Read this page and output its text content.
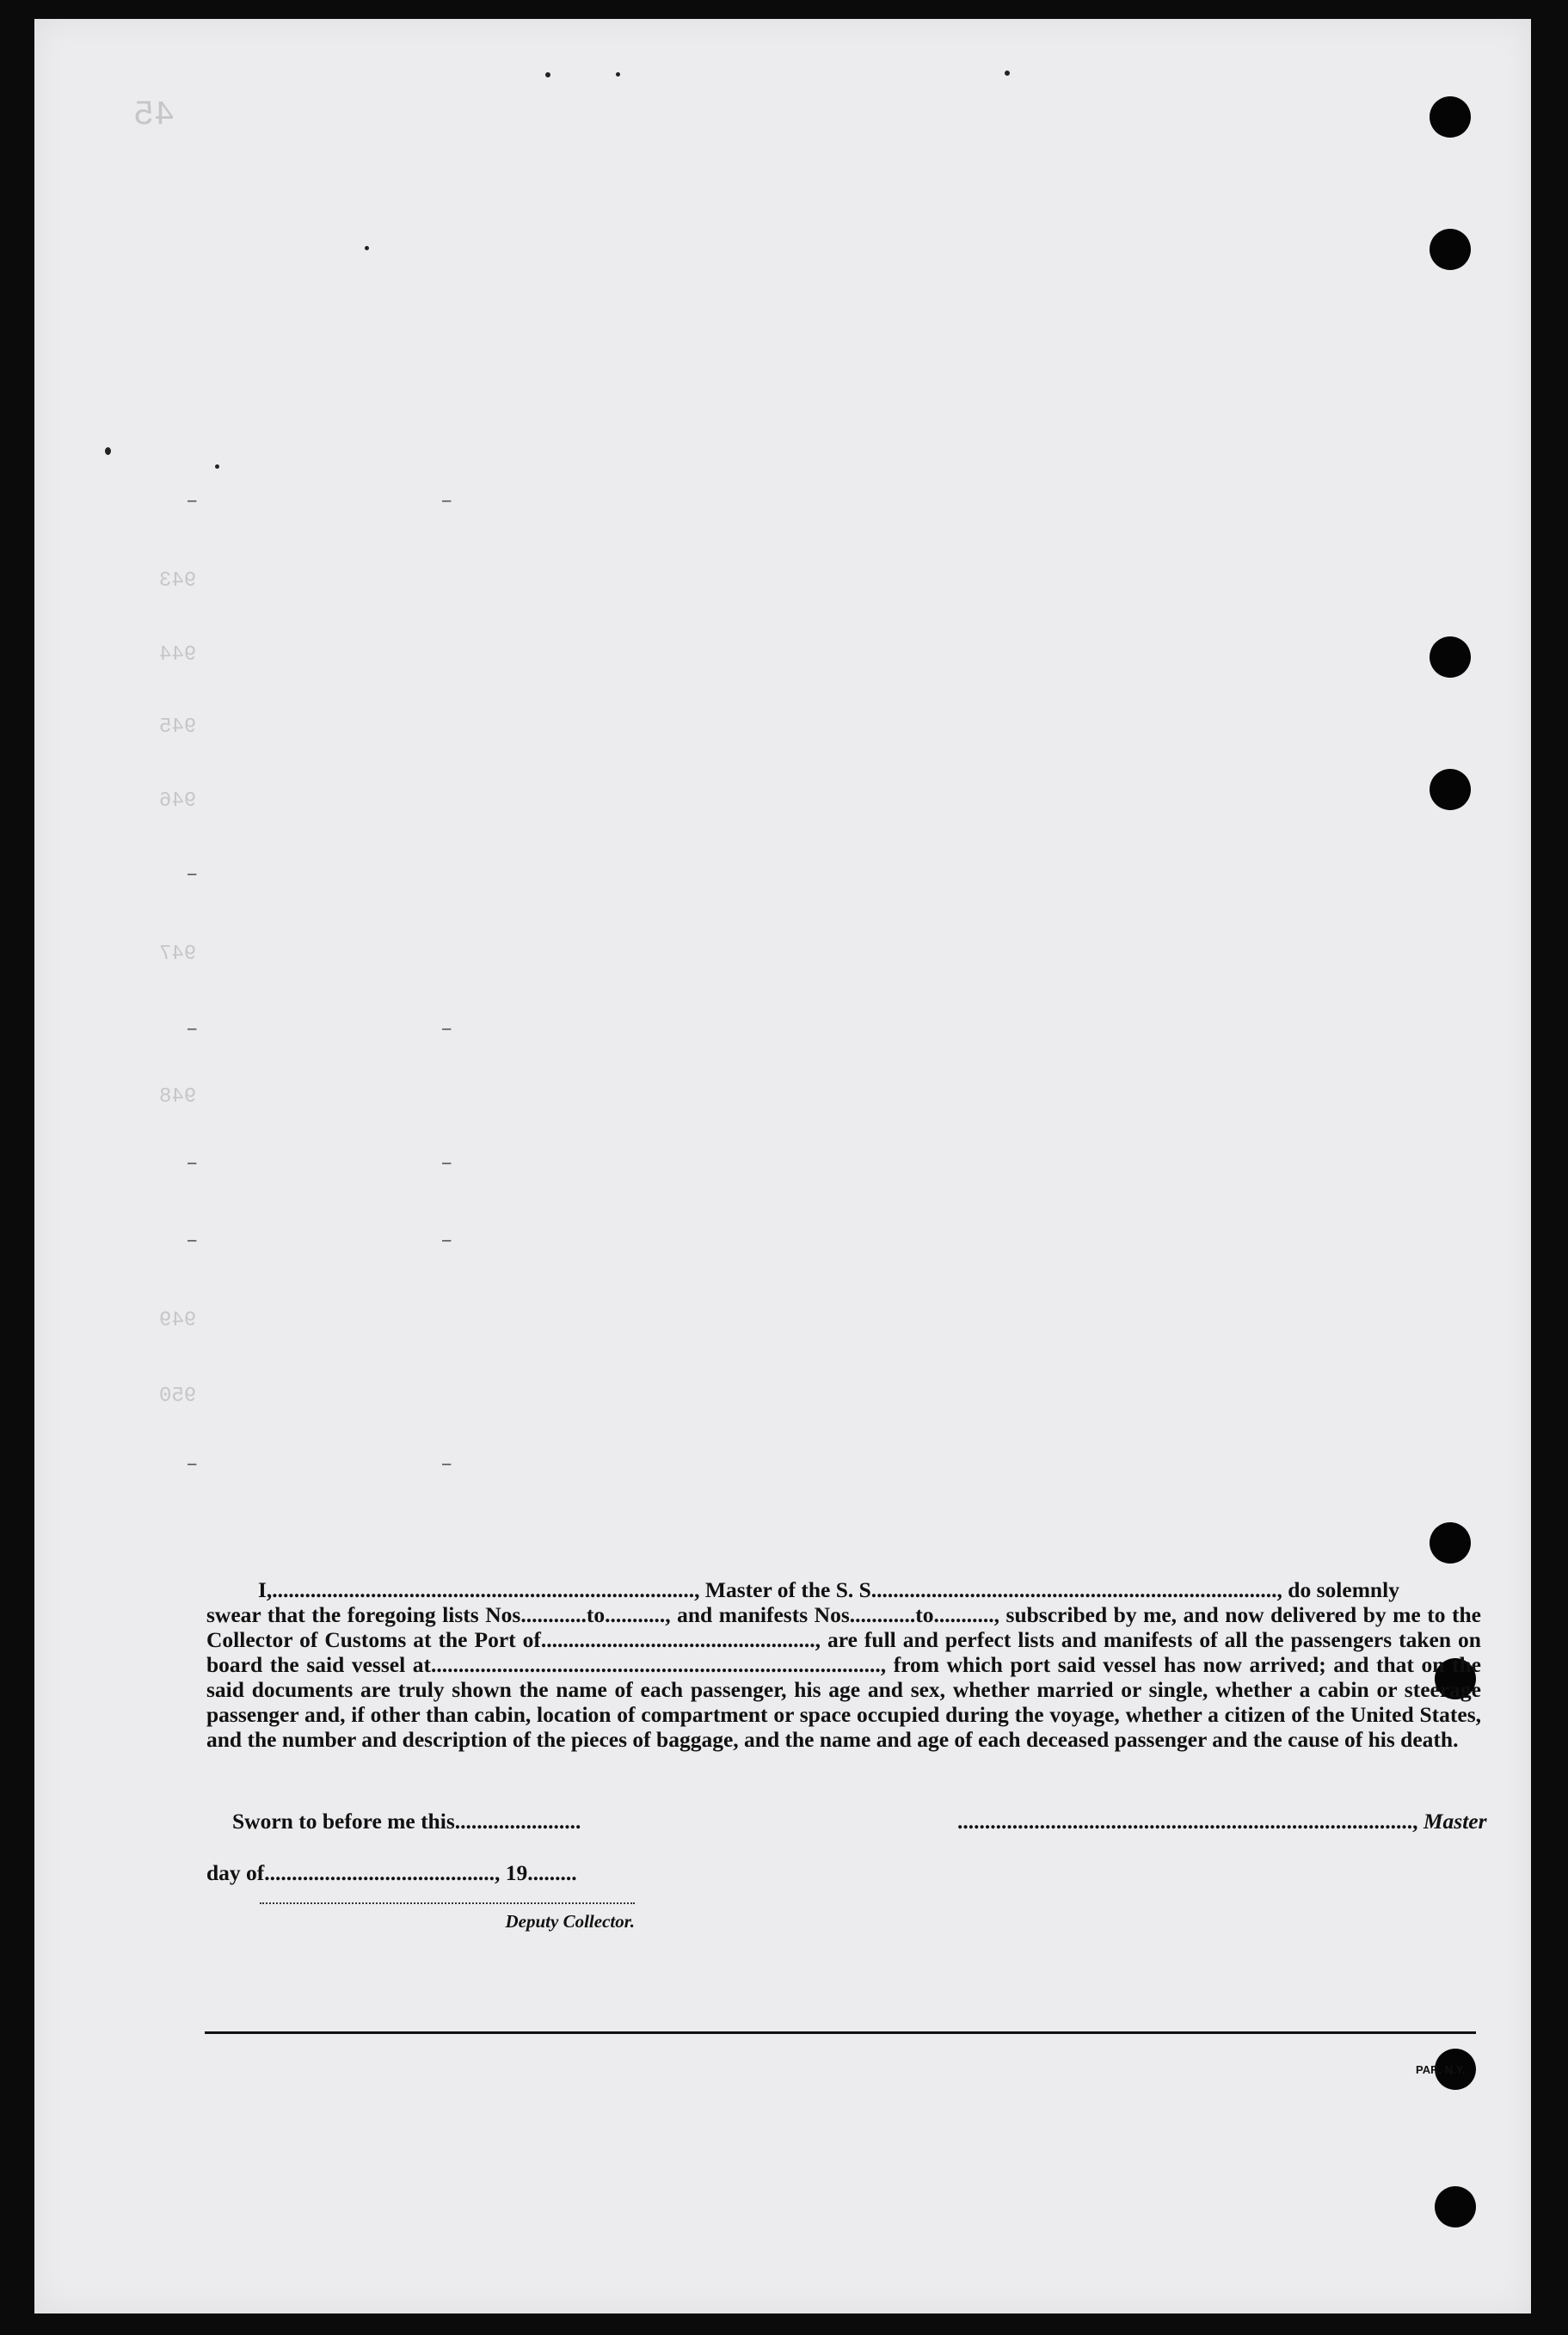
45
943
944
945
946
947
948
949
950
–	–
–
–	–
–	–
–	–
–	–

I,............................................................................., Master of the S. S.........................................................................., do solemnly

swear that the foregoing lists Nos............to..........., and manifests Nos............to..........., subscribed by me, and now delivered by me to the Collector of Customs at the Port of.................................................., are full and perfect lists and manifests of all the passengers taken on board the said vessel at.................................................................................., from which port said vessel has now arrived; and that on the said documents are truly shown the name of each passenger, his age and sex, whether married or single, whether a cabin or steerage passenger and, if other than cabin, location of compartment or space occupied during the voyage, whether a citizen of the United States, and the number and description of the pieces of baggage, and the name and age of each deceased passenger and the cause of his death.
Sworn to before me this.......................	..................................................................................., Master
day of.........................................., 19.........
Deputy Collector.
PAR. N.Y.
